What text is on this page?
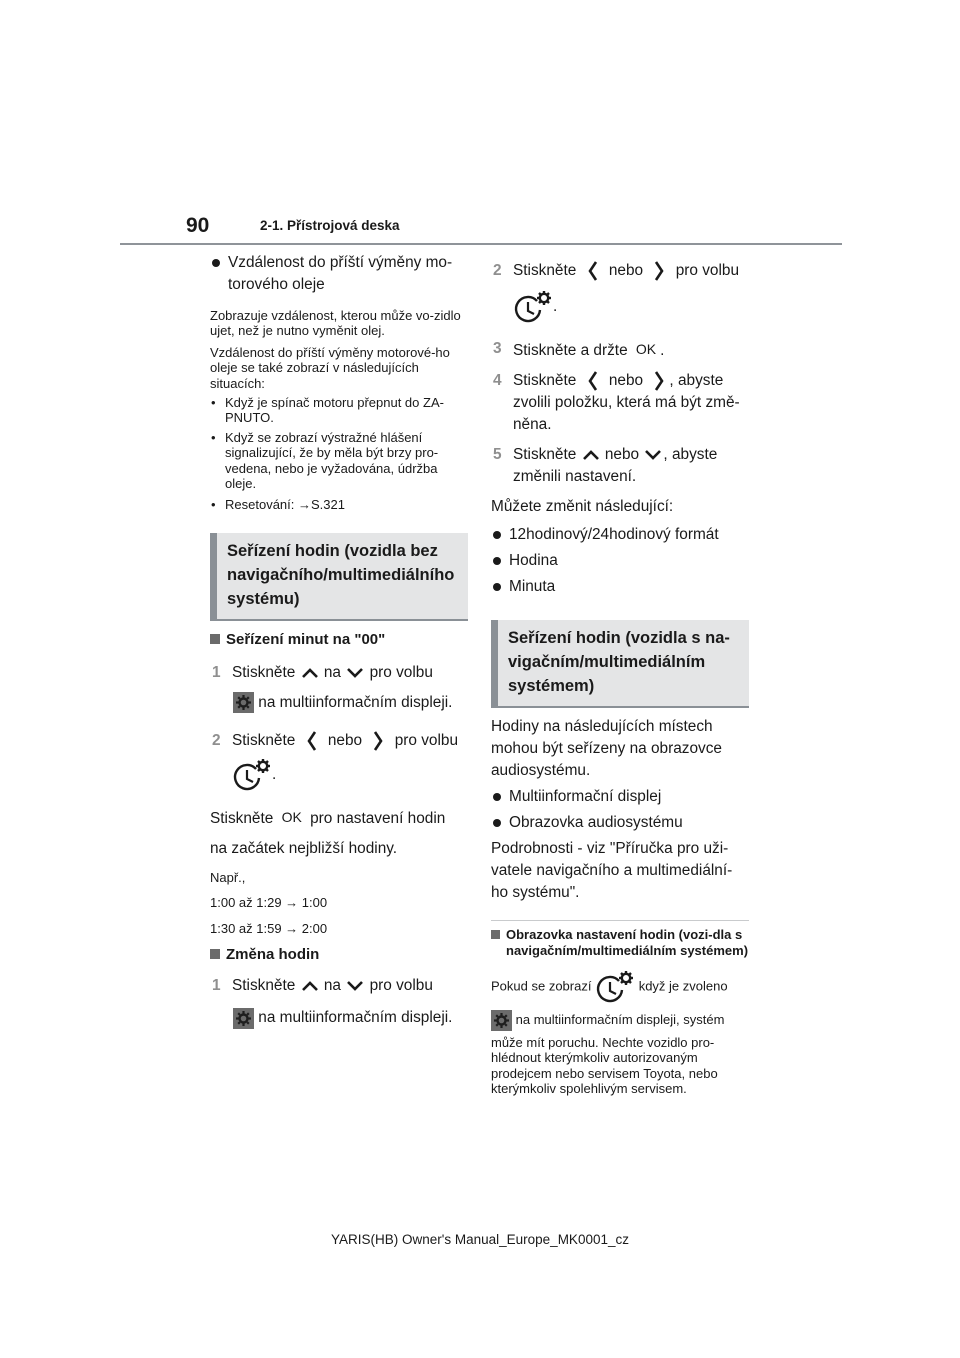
90	2-1. Přístrojová deska

Vzdálenost do příští výměny mo-torového oleje

Zobrazuje vzdálenost, kterou může vo-zidlo ujet, než je nutno vyměnit olej.

Vzdálenost do příští výměny motorové-ho oleje se také zobrazí v následujících situacích:

• Když je spínač motoru přepnut do ZA-PNUTO.

• Když se zobrazí výstražné hlášení signalizující, že by měla být brzy pro-vedena, nebo je vyžadována, údržba oleje.

• Resetování: →S.321

Seřízení hodin (vozidla bez navigačního/multimediálního systému)

Seřízení minut na "00"

1 Stiskněte na pro volbu

na multiinformačním displeji.

2 Stiskněte nebo pro volbu

.

Stiskněte OK pro nastavení hodin

na začátek nejbližší hodiny.

Např.,

1:00 až 1:29 → 1:00

1:30 až 1:59 → 2:00

Změna hodin

1 Stiskněte na pro volbu

na multiinformačním displeji.

2 Stiskněte nebo pro volbu

.

3 Stiskněte a držte OK .

4 Stiskněte nebo , abyste

zvolili položku, která má být změ-něna.

5 Stiskněte nebo , abyste

změnili nastavení.

Můžete změnit následující:

12hodinový/24hodinový formát

Hodina

Minuta

Seřízení hodin (vozidla s na-vigačním/multimediálním systémem)

Hodiny na následujících místech mohou být seřízeny na obrazovce audiosystému.

Multiinformační displej

Obrazovka audiosystému

Podrobnosti - viz "Příručka pro uži-vatele navigačního a multimediální-ho systému".

Obrazovka nastavení hodin (vozi-dla s navigačním/multimediálním systémem)

Pokud se zobrazí	když je zvoleno

na multiinformačním displeji, systém

může mít poruchu. Nechte vozidlo pro-hlédnout kterýmkoliv autorizovaným prodejcem nebo servisem Toyota, nebo kterýmkoliv spolehlivým servisem.

YARIS(HB) Owner's Manual_Europe_MK0001_cz
